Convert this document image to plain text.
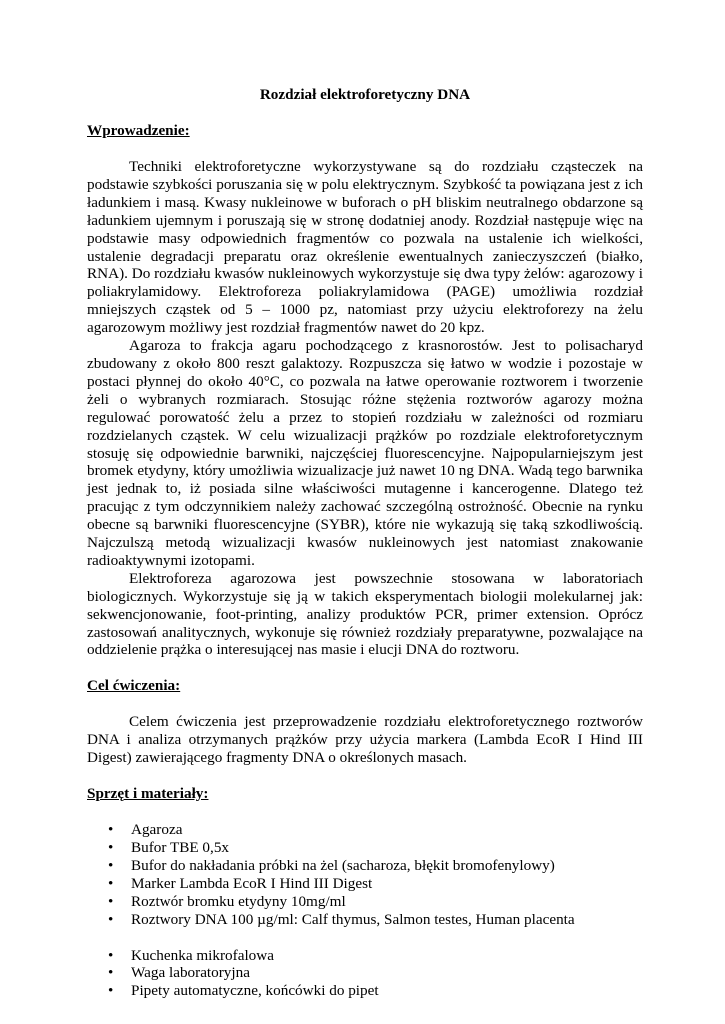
Rozdział elektroforetyczny DNA

Wprowadzenie:

Techniki elektroforetyczne wykorzystywane są do rozdziału cząsteczek na podstawie szybkości poruszania się w polu elektrycznym. Szybkość ta powiązana jest z ich ładunkiem i masą. Kwasy nukleinowe w buforach o pH bliskim neutralnego obdarzone są ładunkiem ujemnym i poruszają się w stronę dodatniej anody. Rozdział następuje więc na podstawie masy odpowiednich fragmentów co pozwala na ustalenie ich wielkości, ustalenie degradacji preparatu oraz określenie ewentualnych zanieczyszczeń (białko, RNA). Do rozdziału kwasów nukleinowych wykorzystuje się dwa typy żelów: agarozowy i poliakrylamidowy. Elektroforeza poliakrylamidowa (PAGE) umożliwia rozdział mniejszych cząstek od 5 – 1000 pz, natomiast przy użyciu elektroforezy na żelu agarozowym możliwy jest rozdział fragmentów nawet do 20 kpz.

Agaroza to frakcja agaru pochodzącego z krasnorostów. Jest to polisacharyd zbudowany z około 800 reszt galaktozy. Rozpuszcza się łatwo w wodzie i pozostaje w postaci płynnej do około 40°C, co pozwala na łatwe operowanie roztworem i tworzenie żeli o wybranych rozmiarach. Stosując różne stężenia roztworów agarozy można regulować porowatość żelu a przez to stopień rozdziału w zależności od rozmiaru rozdzielanych cząstek. W celu wizualizacji prążków po rozdziale elektroforetycznym stosuję się odpowiednie barwniki, najczęściej fluorescencyjne. Najpopularniejszym jest bromek etydyny, który umożliwia wizualizacje już nawet 10 ng DNA. Wadą tego barwnika jest jednak to, iż posiada silne właściwości mutagenne i kancerogenne. Dlatego też pracując z tym odczynnikiem należy zachować szczególną ostrożność. Obecnie na rynku obecne są barwniki fluorescencyjne (SYBR), które nie wykazują się taką szkodliwością. Najczulszą metodą wizualizacji kwasów nukleinowych jest natomiast znakowanie radioaktywnymi izotopami.

Elektroforeza agarozowa jest powszechnie stosowana w laboratoriach biologicznych. Wykorzystuje się ją w takich eksperymentach biologii molekularnej jak: sekwencjonowanie, foot-printing, analizy produktów PCR, primer extension. Oprócz zastosowań analitycznych, wykonuje się również rozdziały preparatywne, pozwalające na oddzielenie prążka o interesującej nas masie i elucji DNA do roztworu.

Cel ćwiczenia:

Celem ćwiczenia jest przeprowadzenie rozdziału elektroforetycznego roztworów DNA i analiza otrzymanych prążków przy użycia markera (Lambda EcoR I Hind III Digest) zawierającego fragmenty DNA o określonych masach.

Sprzęt i materiały:

• Agaroza
• Bufor TBE 0,5x
• Bufor do nakładania próbki na żel (sacharoza, błękit bromofenylowy)
• Marker Lambda EcoR I Hind III Digest
• Roztwór bromku etydyny 10mg/ml
• Roztwory DNA 100 µg/ml: Calf thymus, Salmon testes, Human placenta
• Kuchenka mikrofalowa
• Waga laboratoryjna
• Pipety automatyczne, końcówki do pipet
